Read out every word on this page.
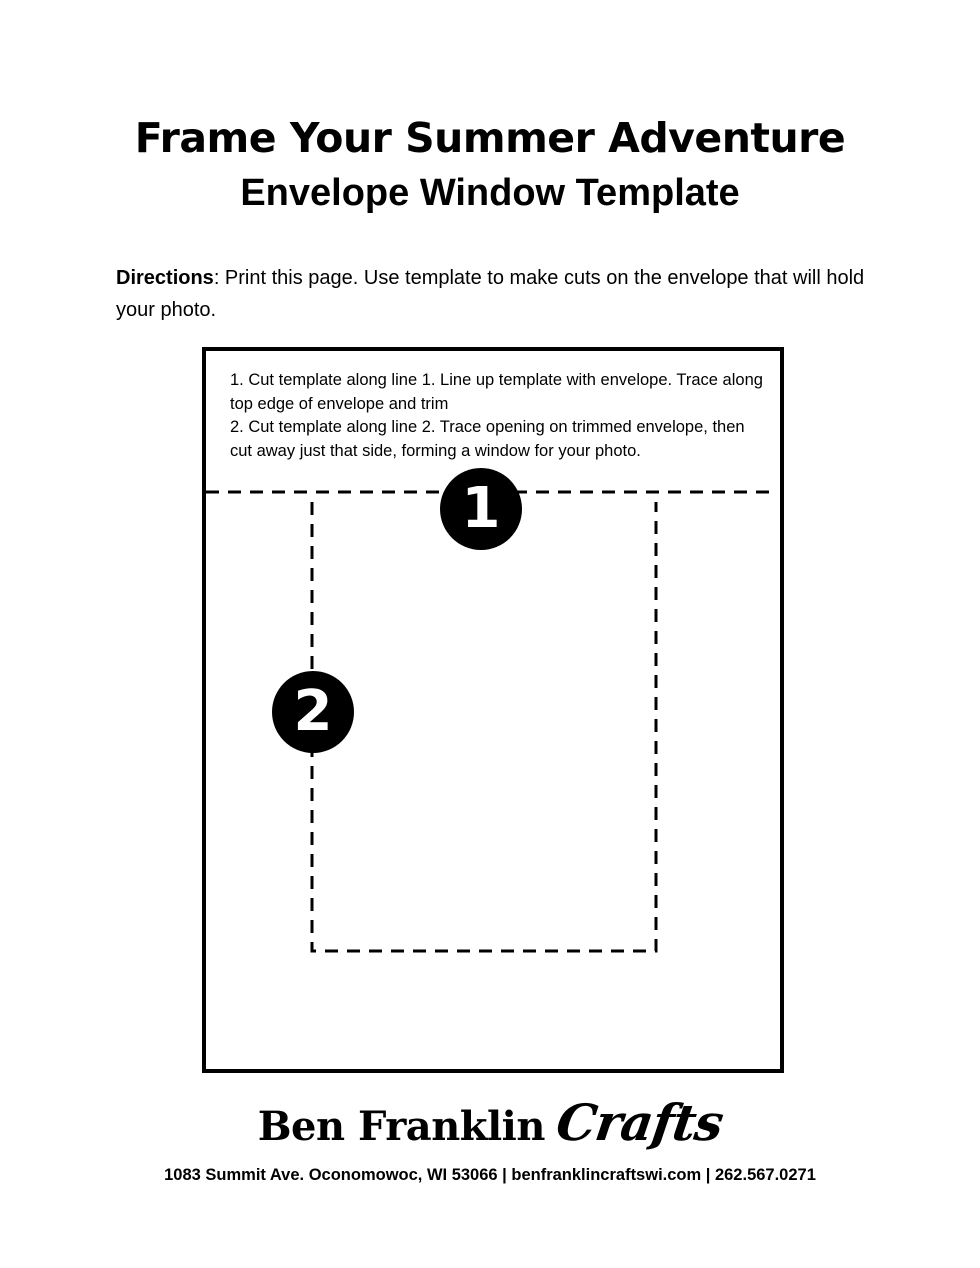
Frame Your Summer Adventure
Envelope Window Template
Directions: Print this page. Use template to make cuts on the envelope that will hold your photo.
1. Cut template along line 1. Line up template with envelope. Trace along top edge of envelope and trim
2. Cut template along line 2. Trace opening on trimmed envelope, then cut away just that side, forming a window for your photo.
1
2
Ben Franklin Crafts
1083 Summit Ave. Oconomowoc, WI 53066 | benfranklincraftswi.com | 262.567.0271
